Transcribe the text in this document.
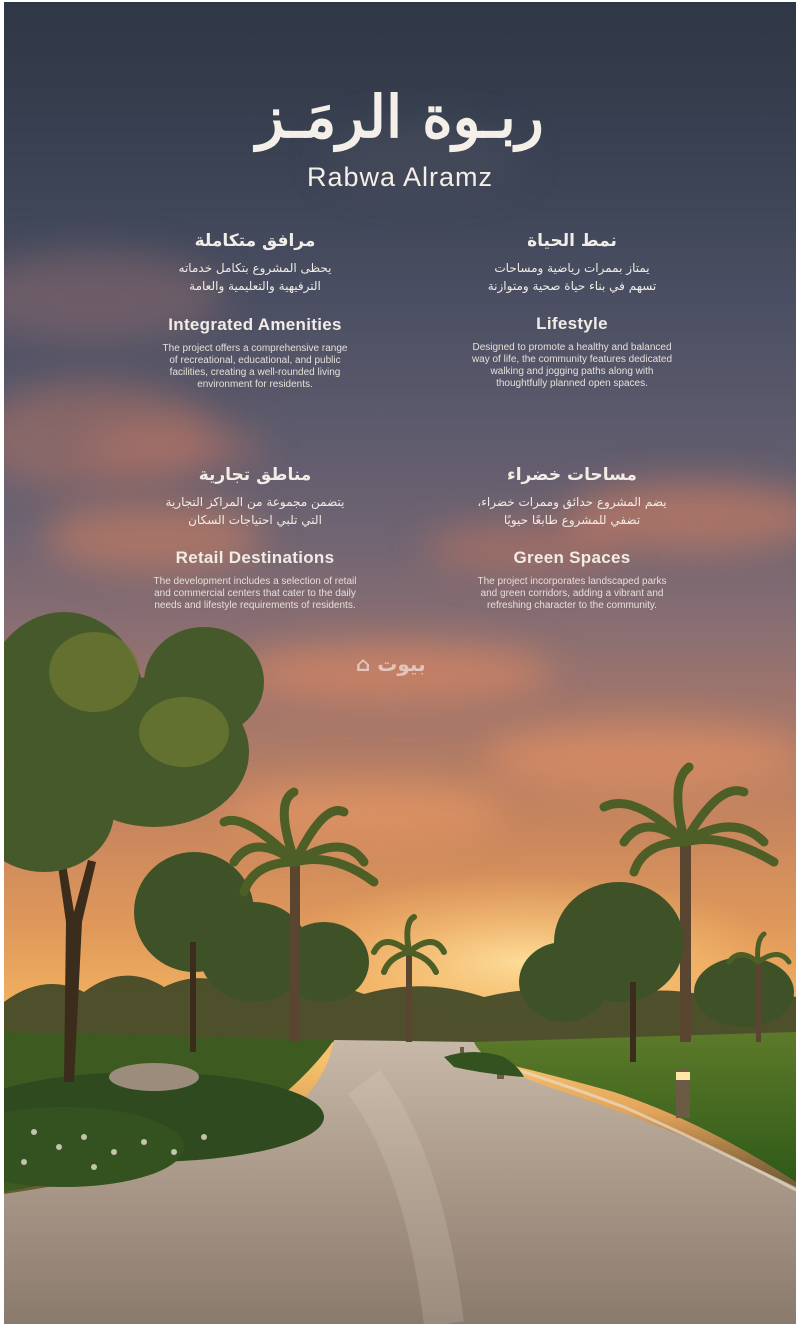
ربـوة الرمَـز
Rabwa Alramz
مرافق متكاملة
يحظى المشروع بتكامل خدماته
الترفيهية والتعليمية والعامة
Integrated Amenities
The project offers a comprehensive range
of recreational, educational, and public
facilities, creating a well-rounded living
environment for residents.
نمط الحياة
يمتاز بممرات رياضية ومساحات
تسهم في بناء حياة صحية ومتوازنة
Lifestyle
Designed to promote a healthy and balanced
way of life, the community features dedicated
walking and jogging paths along with
thoughtfully planned open spaces.
مناطق تجارية
يتضمن مجموعة من المراكز التجارية
التي تلبي احتياجات السكان
Retail Destinations
The development includes a selection of retail
and commercial centers that cater to the daily
needs and lifestyle requirements of residents.
مساحات خضراء
يضم المشروع حدائق وممرات خضراء،
تضفي للمشروع طابعًا حيويًا
Green Spaces
The project incorporates landscaped parks
and green corridors, adding a vibrant and
refreshing character to the community.
⌂ بيوت
